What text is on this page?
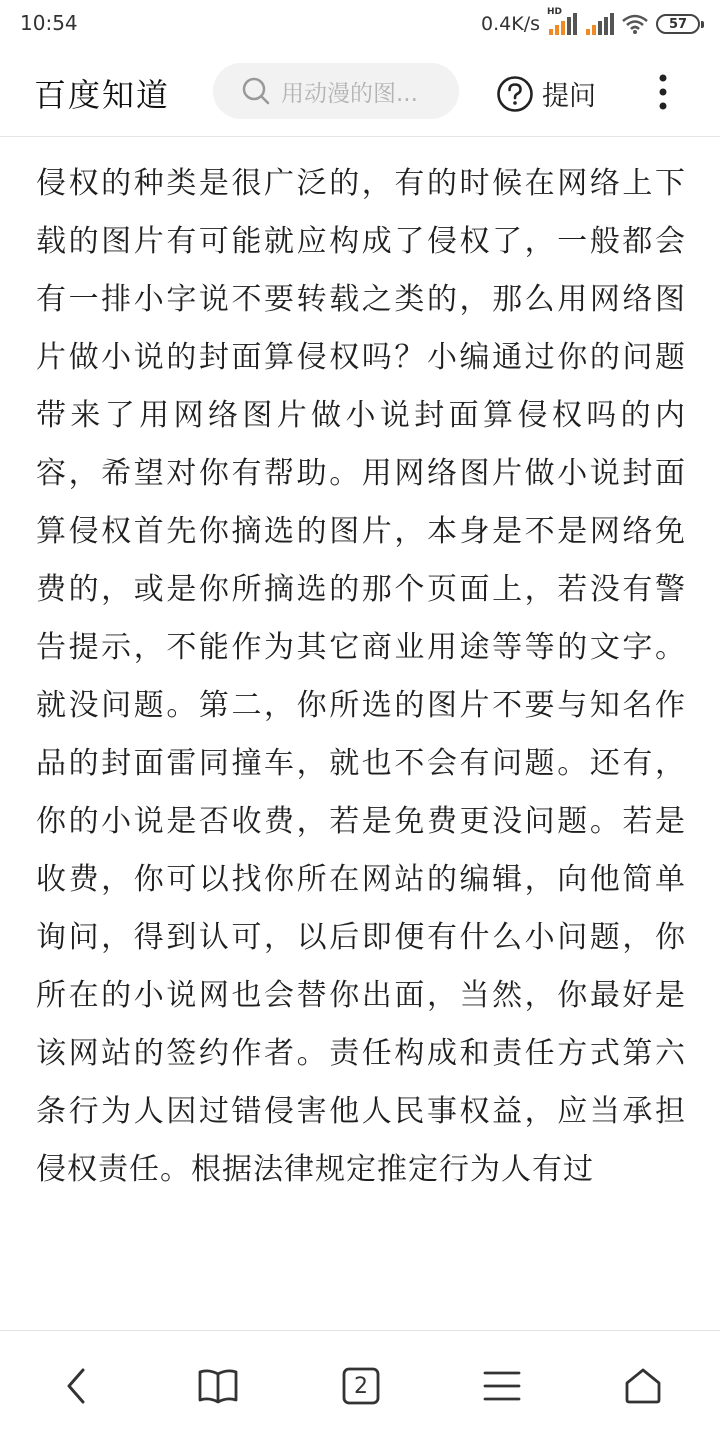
10:54	0.4K/s
HD
57
百度知道	用动漫的图...	提问
侵权的种类是很广泛的，有的时候在网络上下载的图片有可能就应构成了侵权了，一般都会有一排小字说不要转载之类的，那么用网络图片做小说的封面算侵权吗？小编通过你的问题带来了用网络图片做小说封面算侵权吗的内容，希望对你有帮助。用网络图片做小说封面算侵权首先你摘选的图片，本身是不是网络免费的，或是你所摘选的那个页面上，若没有警告提示，不能作为其它商业用途等等的文字。就没问题。第二，你所选的图片不要与知名作品的封面雷同撞车，就也不会有问题。还有，你的小说是否收费，若是免费更没问题。若是收费，你可以找你所在网站的编辑，向他简单询问，得到认可，以后即便有什么小问题，你所在的小说网也会替你出面，当然，你最好是该网站的签约作者。责任构成和责任方式第六条行为人因过错侵害他人民事权益，应当承担侵权责任。根据法律规定推定行为人有过
2
